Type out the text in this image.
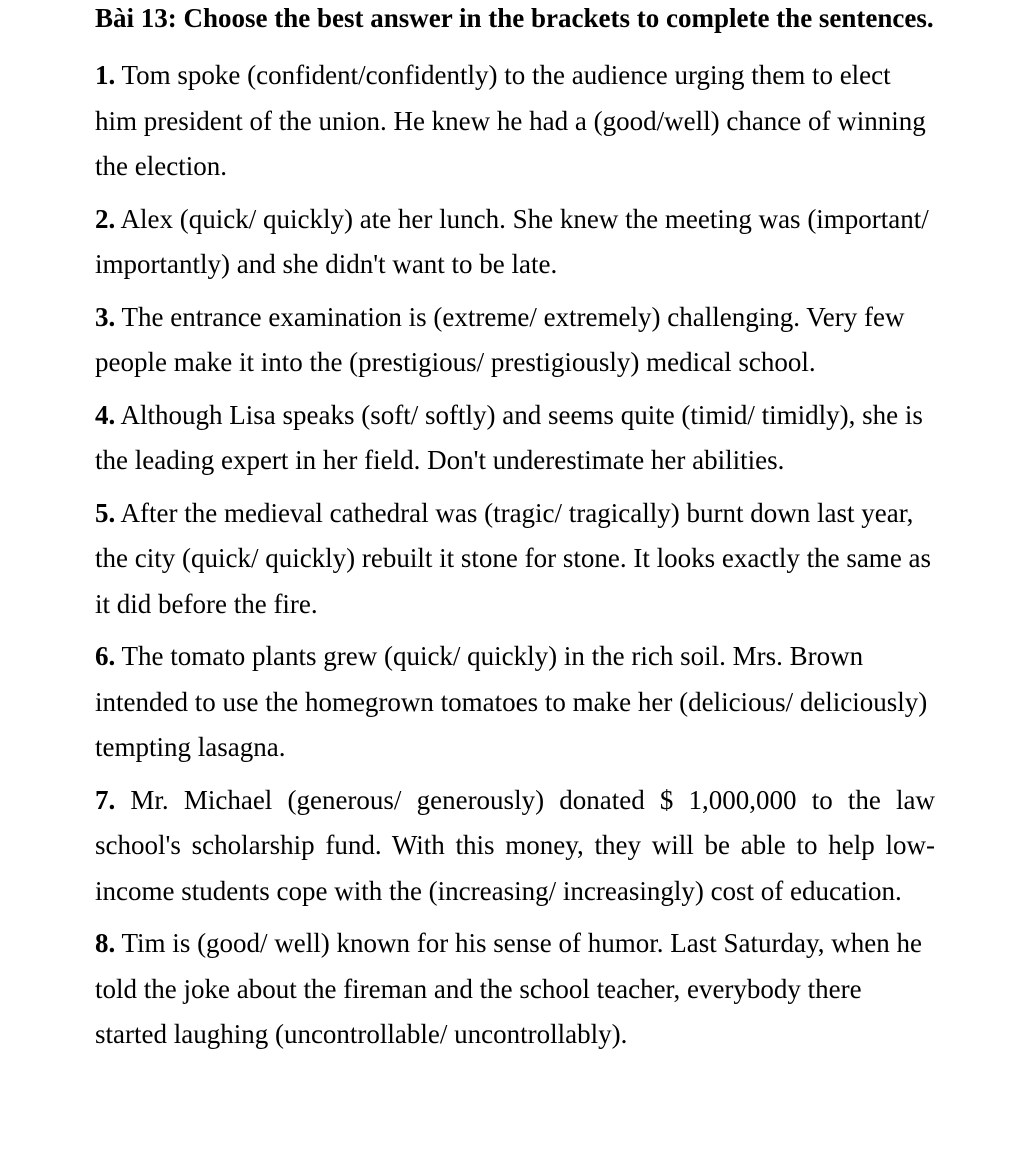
Bài 13: Choose the best answer in the brackets to complete the sentences.
1. Tom spoke (confident/confidently) to the audience urging them to elect him president of the union. He knew he had a (good/well) chance of winning the election.
2. Alex (quick/ quickly) ate her lunch. She knew the meeting was (important/ importantly) and she didn't want to be late.
3. The entrance examination is (extreme/ extremely) challenging. Very few people make it into the (prestigious/ prestigiously) medical school.
4. Although Lisa speaks (soft/ softly) and seems quite (timid/ timidly), she is the leading expert in her field. Don't underestimate her abilities.
5. After the medieval cathedral was (tragic/ tragically) burnt down last year, the city (quick/ quickly) rebuilt it stone for stone. It looks exactly the same as it did before the fire.
6. The tomato plants grew (quick/ quickly) in the rich soil. Mrs. Brown intended to use the homegrown tomatoes to make her (delicious/ deliciously) tempting lasagna.
7. Mr. Michael (generous/ generously) donated $ 1,000,000 to the law school's scholarship fund. With this money, they will be able to help low-income students cope with the (increasing/ increasingly) cost of education.
8. Tim is (good/ well) known for his sense of humor. Last Saturday, when he told the joke about the fireman and the school teacher, everybody there started laughing (uncontrollable/ uncontrollably).
